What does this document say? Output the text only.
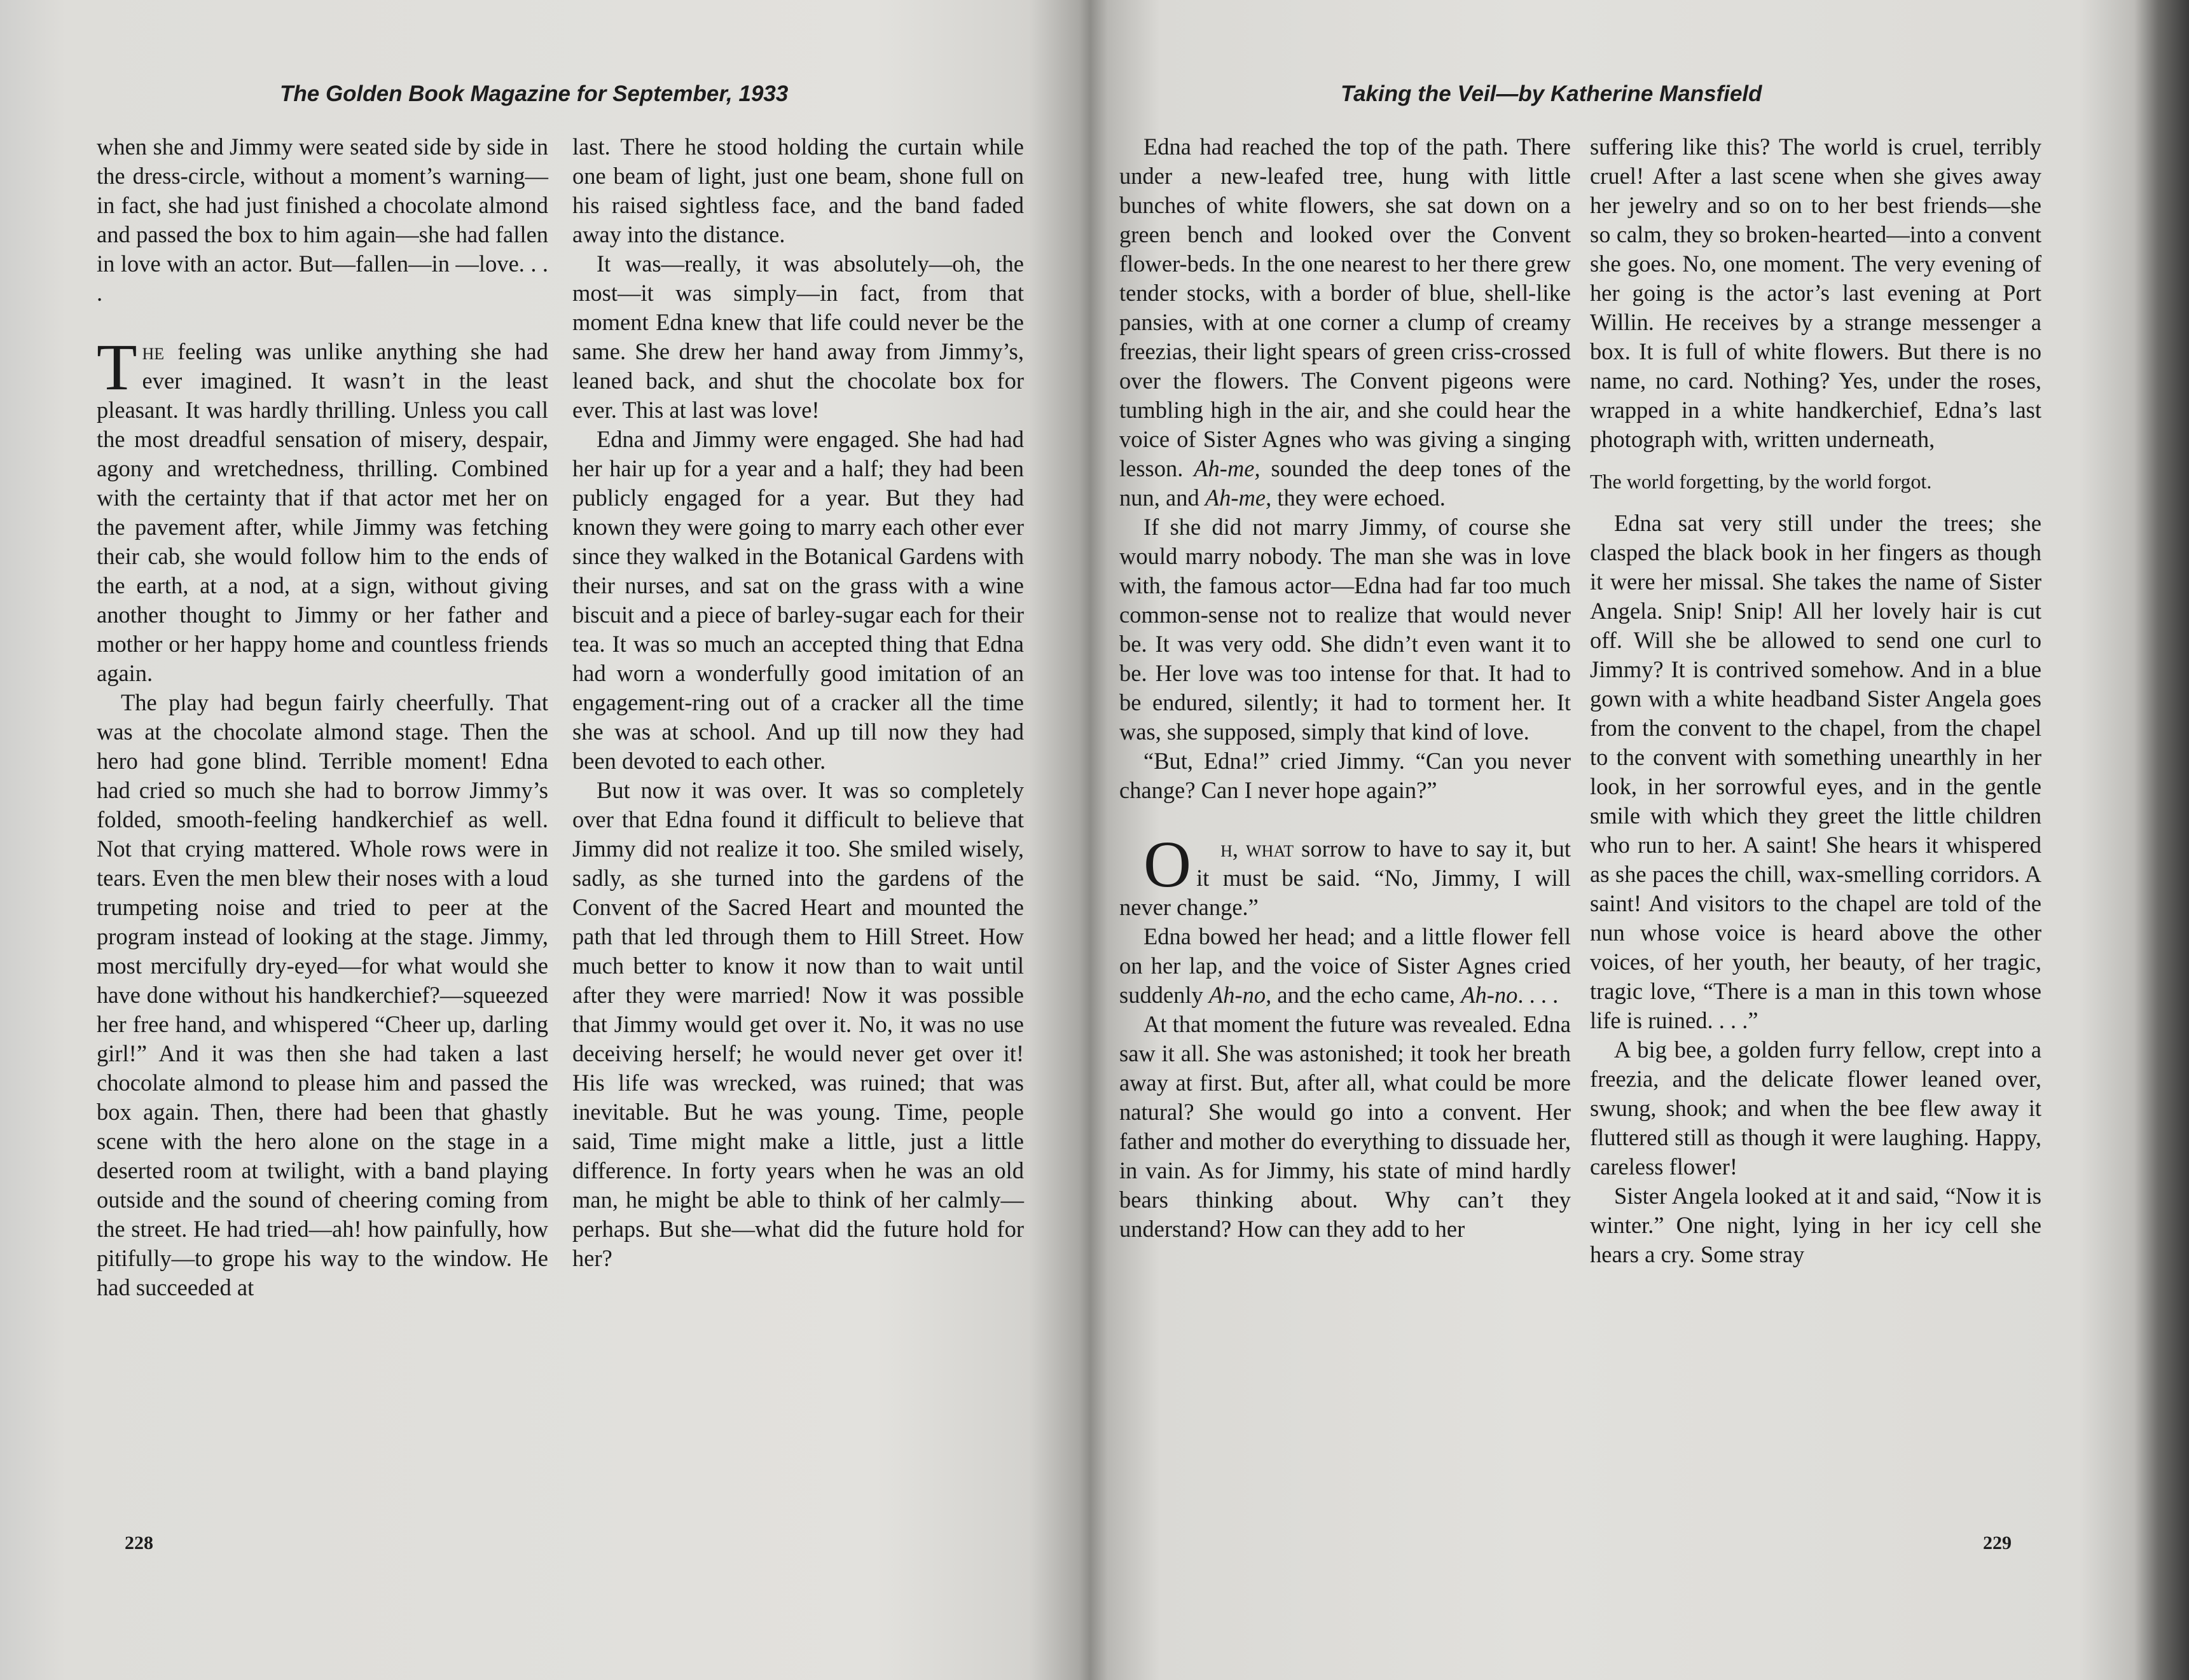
The Golden Book Magazine for September, 1933

when she and Jimmy were seated side by side in the dress-circle, without a moment’s warning—in fact, she had just finished a chocolate almond and passed the box to him again—she had fallen in love with an actor. But—fallen—in —love. . . .

The feeling was unlike anything she had ever imagined. It wasn’t in the least pleasant. It was hardly thrilling. Unless you call the most dreadful sensation of misery, despair, agony and wretchedness, thrilling. Combined with the certainty that if that actor met her on the pavement after, while Jimmy was fetching their cab, she would follow him to the ends of the earth, at a nod, at a sign, without giving another thought to Jimmy or her father and mother or her happy home and countless friends again.

The play had begun fairly cheerfully. That was at the chocolate almond stage. Then the hero had gone blind. Terrible moment! Edna had cried so much she had to borrow Jimmy’s folded, smooth-feeling handkerchief as well. Not that crying mattered. Whole rows were in tears. Even the men blew their noses with a loud trumpeting noise and tried to peer at the program instead of looking at the stage. Jimmy, most mercifully dry-eyed—for what would she have done without his handkerchief?—squeezed her free hand, and whispered “Cheer up, darling girl!” And it was then she had taken a last chocolate almond to please him and passed the box again. Then, there had been that ghastly scene with the hero alone on the stage in a deserted room at twilight, with a band playing outside and the sound of cheering coming from the street. He had tried—ah! how painfully, how pitifully—to grope his way to the window. He had succeeded at

last. There he stood holding the curtain while one beam of light, just one beam, shone full on his raised sightless face, and the band faded away into the distance.

It was—really, it was absolutely—oh, the most—it was simply—in fact, from that moment Edna knew that life could never be the same. She drew her hand away from Jimmy’s, leaned back, and shut the chocolate box for ever. This at last was love!

Edna and Jimmy were engaged. She had had her hair up for a year and a half; they had been publicly engaged for a year. But they had known they were going to marry each other ever since they walked in the Botanical Gardens with their nurses, and sat on the grass with a wine biscuit and a piece of barley-sugar each for their tea. It was so much an accepted thing that Edna had worn a wonderfully good imitation of an engagement-ring out of a cracker all the time she was at school. And up till now they had been devoted to each other.

But now it was over. It was so completely over that Edna found it difficult to believe that Jimmy did not realize it too. She smiled wisely, sadly, as she turned into the gardens of the Convent of the Sacred Heart and mounted the path that led through them to Hill Street. How much better to know it now than to wait until after they were married! Now it was possible that Jimmy would get over it. No, it was no use deceiving herself; he would never get over it! His life was wrecked, was ruined; that was inevitable. But he was young. Time, people said, Time might make a little, just a little difference. In forty years when he was an old man, he might be able to think of her calmly—perhaps. But she—what did the future hold for her?

228
Taking the Veil—by Katherine Mansfield

Edna had reached the top of the path. There under a new-leafed tree, hung with little bunches of white flowers, she sat down on a green bench and looked over the Convent flower-beds. In the one nearest to her there grew tender stocks, with a border of blue, shell-like pansies, with at one corner a clump of creamy freezias, their light spears of green criss-crossed over the flowers. The Convent pigeons were tumbling high in the air, and she could hear the voice of Sister Agnes who was giving a singing lesson. Ah-me, sounded the deep tones of the nun, and Ah-me, they were echoed.

If she did not marry Jimmy, of course she would marry nobody. The man she was in love with, the famous actor—Edna had far too much common-sense not to realize that would never be. It was very odd. She didn’t even want it to be. Her love was too intense for that. It had to be endured, silently; it had to torment her. It was, she supposed, simply that kind of love.

“But, Edna!” cried Jimmy. “Can you never change? Can I never hope again?”

O h, what sorrow to have to say it, but it must be said. “No, Jimmy, I will never change.”

Edna bowed her head; and a little flower fell on her lap, and the voice of Sister Agnes cried suddenly Ah-no, and the echo came, Ah-no. . . .

At that moment the future was revealed. Edna saw it all. She was astonished; it took her breath away at first. But, after all, what could be more natural? She would go into a convent. Her father and mother do everything to dissuade her, in vain. As for Jimmy, his state of mind hardly bears thinking about. Why can’t they understand? How can they add to her

suffering like this? The world is cruel, terribly cruel! After a last scene when she gives away her jewelry and so on to her best friends—she so calm, they so broken-hearted—into a convent she goes. No, one moment. The very evening of her going is the actor’s last evening at Port Willin. He receives by a strange messenger a box. It is full of white flowers. But there is no name, no card. Nothing? Yes, under the roses, wrapped in a white handkerchief, Edna’s last photograph with, written underneath,

The world forgetting, by the world forgot.

Edna sat very still under the trees; she clasped the black book in her fingers as though it were her missal. She takes the name of Sister Angela. Snip! Snip! All her lovely hair is cut off. Will she be allowed to send one curl to Jimmy? It is contrived somehow. And in a blue gown with a white headband Sister Angela goes from the convent to the chapel, from the chapel to the convent with something unearthly in her look, in her sorrowful eyes, and in the gentle smile with which they greet the little children who run to her. A saint! She hears it whispered as she paces the chill, wax-smelling corridors. A saint! And visitors to the chapel are told of the nun whose voice is heard above the other voices, of her youth, her beauty, of her tragic, tragic love, “There is a man in this town whose life is ruined. . . .”

A big bee, a golden furry fellow, crept into a freezia, and the delicate flower leaned over, swung, shook; and when the bee flew away it fluttered still as though it were laughing. Happy, careless flower!

Sister Angela looked at it and said, “Now it is winter.” One night, lying in her icy cell she hears a cry. Some stray

229
